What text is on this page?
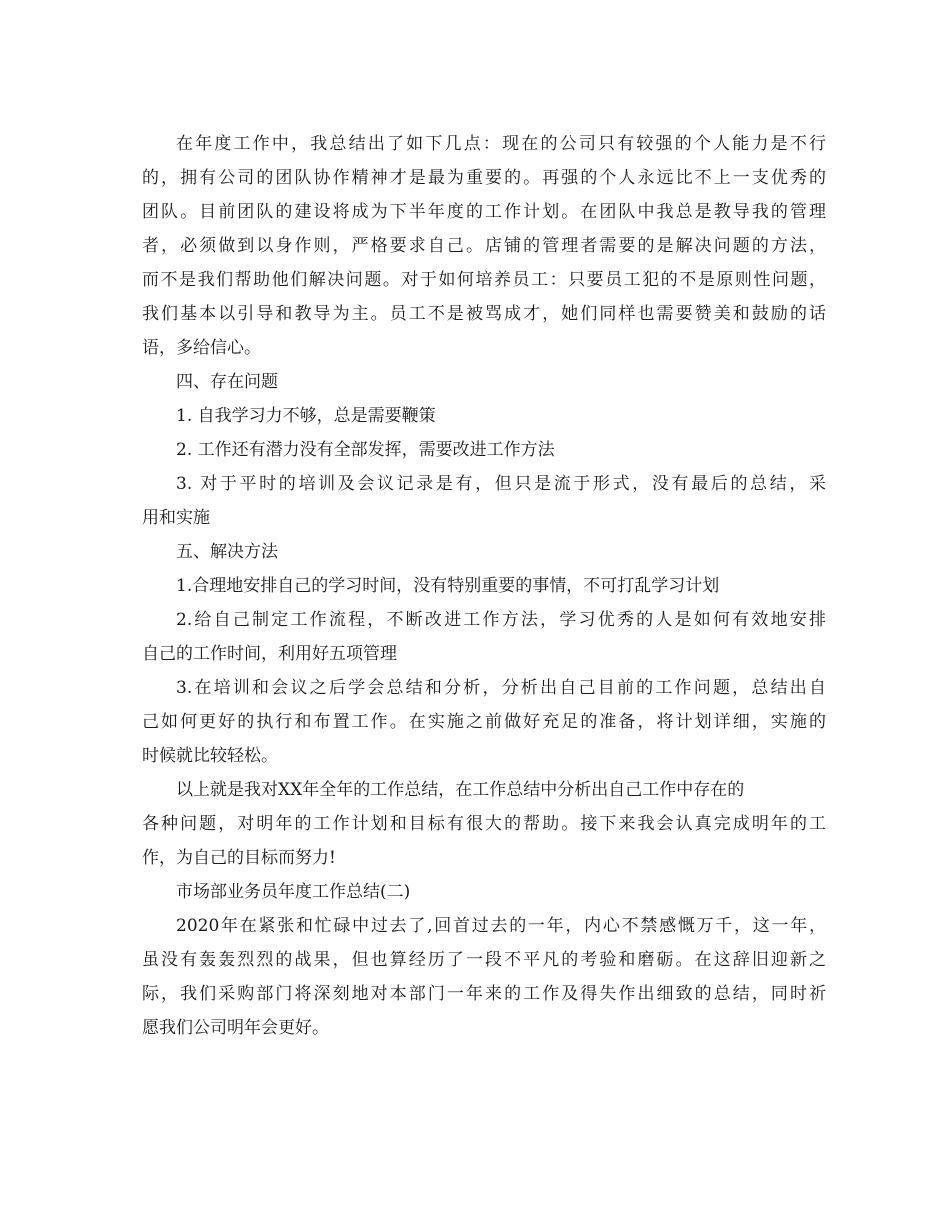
在年度工作中，我总结出了如下几点：现在的公司只有较强的个人能力是不行
的，拥有公司的团队协作精神才是最为重要的。再强的个人永远比不上一支优秀的
团队。目前团队的建设将成为下半年度的工作计划。在团队中我总是教导我的管理
者，必须做到以身作则，严格要求自己。店铺的管理者需要的是解决问题的方法，
而不是我们帮助他们解决问题。对于如何培养员工：只要员工犯的不是原则性问题，
我们基本以引导和教导为主。员工不是被骂成才，她们同样也需要赞美和鼓励的话
语，多给信心。
四、存在问题
1. 自我学习力不够，总是需要鞭策
2. 工作还有潜力没有全部发挥，需要改进工作方法
3. 对于平时的培训及会议记录是有，但只是流于形式，没有最后的总结，采
用和实施
五、解决方法
1.合理地安排自己的学习时间，没有特别重要的事情，不可打乱学习计划
2.给自己制定工作流程，不断改进工作方法，学习优秀的人是如何有效地安排
自己的工作时间，利用好五项管理
3.在培训和会议之后学会总结和分析，分析出自己目前的工作问题，总结出自
己如何更好的执行和布置工作。在实施之前做好充足的准备，将计划详细，实施的
时候就比较轻松。
以上就是我对XX年全年的工作总结，在工作总结中分析出自己工作中存在的
各种问题，对明年的工作计划和目标有很大的帮助。接下来我会认真完成明年的工
作，为自己的目标而努力!
市场部业务员年度工作总结(二)
2020年在紧张和忙碌中过去了,回首过去的一年，内心不禁感慨万千，这一年，
虽没有轰轰烈烈的战果，但也算经历了一段不平凡的考验和磨砺。在这辞旧迎新之
际，我们采购部门将深刻地对本部门一年来的工作及得失作出细致的总结，同时祈
愿我们公司明年会更好。
